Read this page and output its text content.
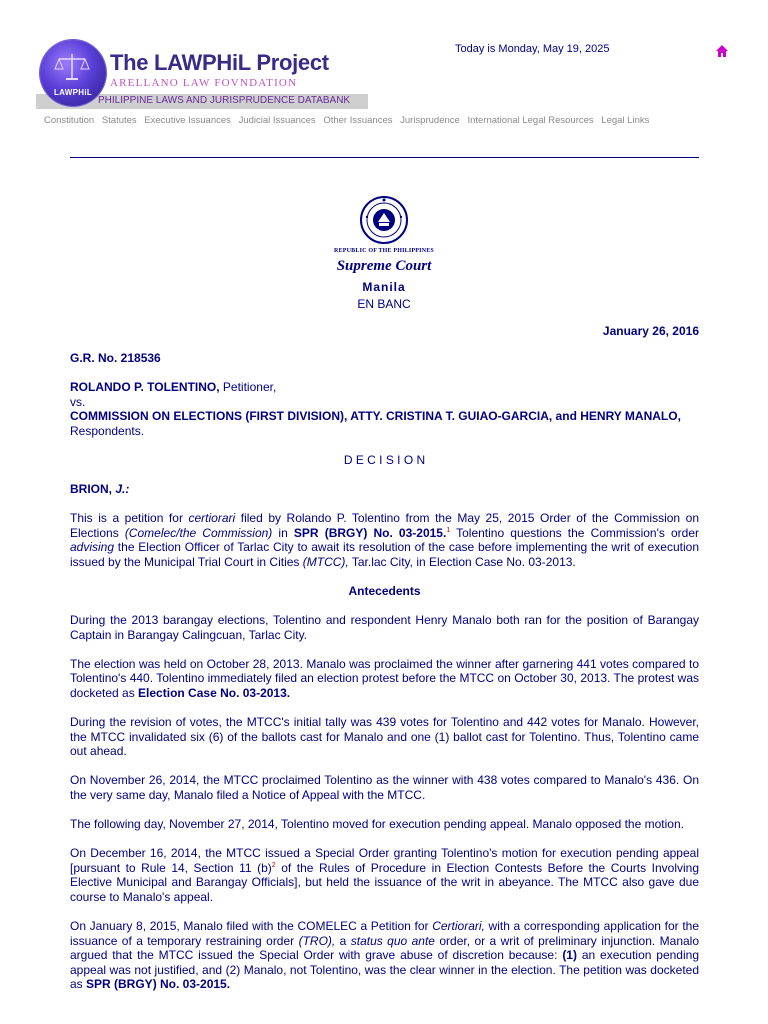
PHILIPPINE LAWS AND JURISPRUDENCE DATABANK
LAWPHiL
The LAWPHiL Project
ARELLANO LAW FOVNDATION
Today is Monday, May 19, 2025
Constitution Statutes Executive Issuances Judicial Issuances Other Issuances Jurisprudence International Legal Resources Legal Links
REPUBLIC OF THE PHILIPPINES
Supreme Court
Manila
EN BANC
January 26, 2016

G.R. No. 218536

ROLANDO P. TOLENTINO, Petitioner,
vs.
COMMISSION ON ELECTIONS (FIRST DIVISION), ATTY. CRISTINA T. GUIAO-GARCIA, and HENRY MANALO,
Respondents.

D E C I S I O N

BRION, J.:

This is a petition for certiorari filed by Rolando P. Tolentino from the May 25, 2015 Order of the Commission on Elections (Comelec/the Commission) in SPR (BRGY) No. 03-2015.$^1$ Tolentino questions the Commission's order advising the Election Officer of Tarlac City to await its resolution of the case before implementing the writ of execution issued by the Municipal Trial Court in Cities (MTCC), Tar.lac City, in Election Case No. 03-2013.

Antecedents

During the 2013 barangay elections, Tolentino and respondent Henry Manalo both ran for the position of Barangay Captain in Barangay Calingcuan, Tarlac City.

The election was held on October 28, 2013. Manalo was proclaimed the winner after garnering 441 votes compared to Tolentino's 440. Tolentino immediately filed an election protest before the MTCC on October 30, 2013. The protest was docketed as Election Case No. 03-2013.

During the revision of votes, the MTCC's initial tally was 439 votes for Tolentino and 442 votes for Manalo. However, the MTCC invalidated six (6) of the ballots cast for Manalo and one (1) ballot cast for Tolentino. Thus, Tolentino came out ahead.

On November 26, 2014, the MTCC proclaimed Tolentino as the winner with 438 votes compared to Manalo's 436. On the very same day, Manalo filed a Notice of Appeal with the MTCC.

The following day, November 27, 2014, Tolentino moved for execution pending appeal. Manalo opposed the motion.

On December 16, 2014, the MTCC issued a Special Order granting Tolentino's motion for execution pending appeal [pursuant to Rule 14, Section 11 $(b)^2$ of the Rules of Procedure in Election Contests Before the Courts Involving Elective Municipal and Barangay Officials], but held the issuance of the writ in abeyance. The MTCC also gave due course to Manalo's appeal.

On January 8, 2015, Manalo filed with the COMELEC a Petition for Certiorari, with a corresponding application for the issuance of a temporary restraining order (TRO), a status quo ante order, or a writ of preliminary injunction. Manalo argued that the MTCC issued the Special Order with grave abuse of discretion because: (1) an execution pending appeal was not justified, and (2) Manalo, not Tolentino, was the clear winner in the election. The petition was docketed as SPR (BRGY) No. 03-2015.
